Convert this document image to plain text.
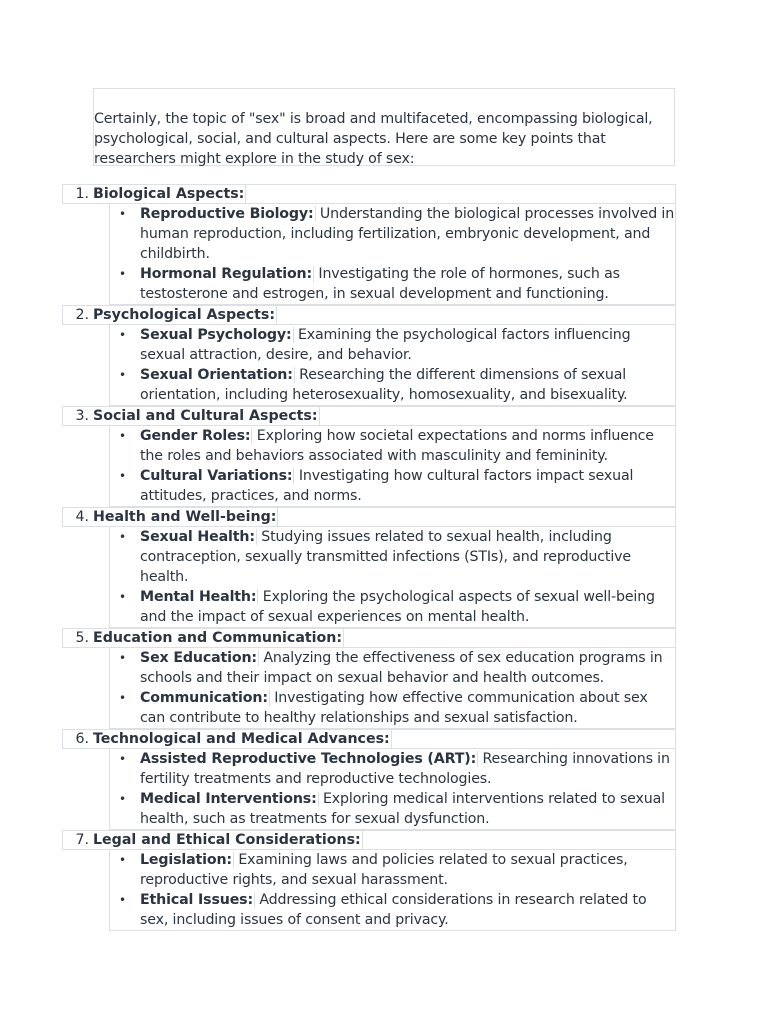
Certainly, the topic of "sex" is broad and multifaceted, encompassing biological, psychological, social, and cultural aspects. Here are some key points that researchers might explore in the study of sex:

1. Biological Aspects:
• Reproductive Biology: Understanding the biological processes involved in human reproduction, including fertilization, embryonic development, and childbirth.
• Hormonal Regulation: Investigating the role of hormones, such as testosterone and estrogen, in sexual development and functioning.
2. Psychological Aspects:
• Sexual Psychology: Examining the psychological factors influencing sexual attraction, desire, and behavior.
• Sexual Orientation: Researching the different dimensions of sexual orientation, including heterosexuality, homosexuality, and bisexuality.
3. Social and Cultural Aspects:
• Gender Roles: Exploring how societal expectations and norms influence the roles and behaviors associated with masculinity and femininity.
• Cultural Variations: Investigating how cultural factors impact sexual attitudes, practices, and norms.
4. Health and Well-being:
• Sexual Health: Studying issues related to sexual health, including contraception, sexually transmitted infections (STIs), and reproductive health.
• Mental Health: Exploring the psychological aspects of sexual well-being and the impact of sexual experiences on mental health.
5. Education and Communication:
• Sex Education: Analyzing the effectiveness of sex education programs in schools and their impact on sexual behavior and health outcomes.
• Communication: Investigating how effective communication about sex can contribute to healthy relationships and sexual satisfaction.
6. Technological and Medical Advances:
• Assisted Reproductive Technologies (ART): Researching innovations in fertility treatments and reproductive technologies.
• Medical Interventions: Exploring medical interventions related to sexual health, such as treatments for sexual dysfunction.
7. Legal and Ethical Considerations:
• Legislation: Examining laws and policies related to sexual practices, reproductive rights, and sexual harassment.
• Ethical Issues: Addressing ethical considerations in research related to sex, including issues of consent and privacy.
